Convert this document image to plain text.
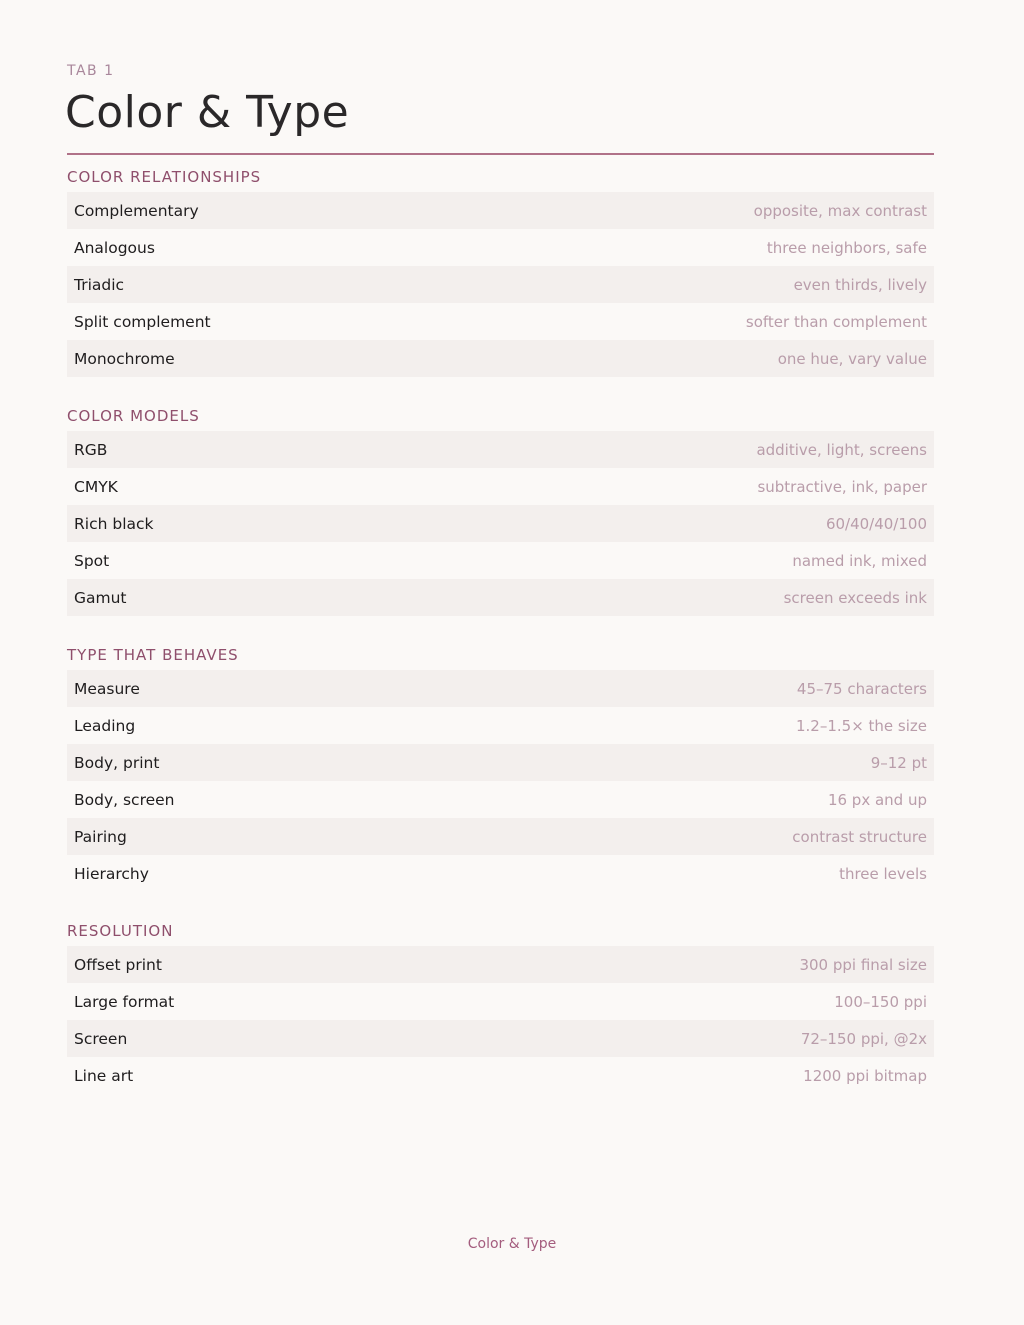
TAB 1
Color & Type
COLOR RELATIONSHIPS
Complementary	opposite, max contrast
Analogous	three neighbors, safe
Triadic	even thirds, lively
Split complement	softer than complement
Monochrome	one hue, vary value
COLOR MODELS
RGB	additive, light, screens
CMYK	subtractive, ink, paper
Rich black	60/40/40/100
Spot	named ink, mixed
Gamut	screen exceeds ink
TYPE THAT BEHAVES
Measure	45–75 characters
Leading	1.2–1.5× the size
Body, print	9–12 pt
Body, screen	16 px and up
Pairing	contrast structure
Hierarchy	three levels
RESOLUTION
Offset print	300 ppi final size
Large format	100–150 ppi
Screen	72–150 ppi, @2x
Line art	1200 ppi bitmap
Color & Type
